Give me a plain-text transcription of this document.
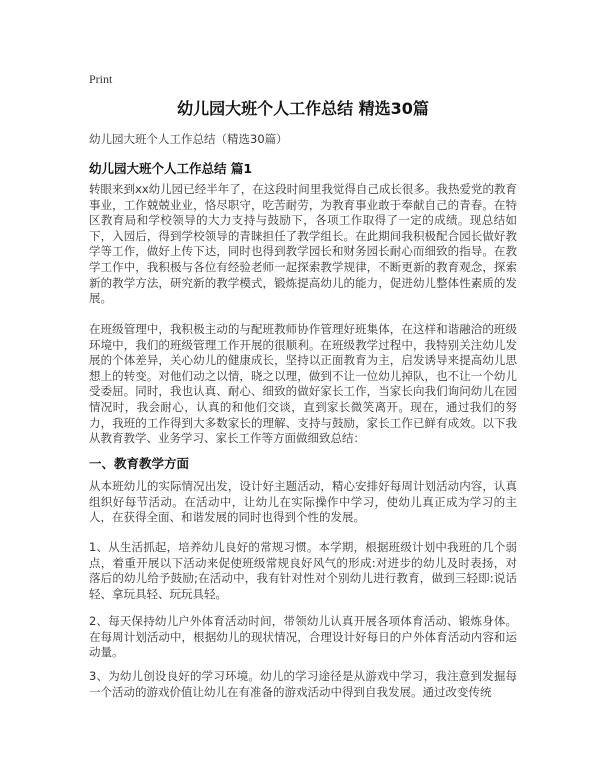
Print
幼儿园大班个人工作总结 精选30篇
幼儿园大班个人工作总结（精选30篇）
幼儿园大班个人工作总结 篇1

转眼来到xx幼儿园已经半年了，在这段时间里我觉得自己成长很多。我热爱党的教育事业，工作兢兢业业，恪尽职守，吃苦耐劳，为教育事业敢于奉献自己的青春。在特区教育局和学校领导的大力支持与鼓励下，各项工作取得了一定的成绩。现总结如下，入园后，得到学校领导的青睐担任了教学组长。在此期间我积极配合园长做好教学等工作，做好上传下达，同时也得到教学园长和财务园长耐心而细致的指导。在教学工作中，我积极与各位有经验老师一起探索教学规律，不断更新的教育观念，探索新的教学方法，研究新的教学模式，锻炼提高幼儿的能力，促进幼儿整体性素质的发展。

在班级管理中，我积极主动的与配班教师协作管理好班集体，在这样和谐融洽的班级环境中，我们的班级管理工作开展的很顺利。在班级教学过程中，我特别关注幼儿发展的个体差异，关心幼儿的健康成长，坚持以正面教育为主，启发诱导来提高幼儿思想上的转变。对他们动之以情，晓之以理，做到不让一位幼儿掉队，也不让一个幼儿受委屈。同时，我也认真、耐心、细致的做好家长工作，当家长向我们询问幼儿在园情况时，我会耐心，认真的和他们交谈，直到家长微笑离开。现在，通过我们的努力，我班的工作得到大多数家长的理解、支持与鼓励，家长工作已鲜有成效。以下我从教育教学、业务学习、家长工作等方面做细致总结：

一、教育教学方面

从本班幼儿的实际情况出发，设计好主题活动，精心安排好每周计划活动内容，认真组织好每节活动。在活动中，让幼儿在实际操作中学习，使幼儿真正成为学习的主人，在获得全面、和谐发展的同时也得到个性的发展。

1、从生活抓起，培养幼儿良好的常规习惯。本学期，根据班级计划中我班的几个弱点，着重开展以下活动来促使班级常规良好风气的形成:对进步的幼儿及时表扬，对落后的幼儿给予鼓励;在活动中，我有针对性对个别幼儿进行教育，做到三轻即:说话轻、拿玩具轻、玩玩具轻。

2、每天保持幼儿户外体育活动时间，带领幼儿认真开展各项体育活动、锻炼身体。在每周计划活动中，根据幼儿的现状情况，合理设计好每日的户外体育活动内容和运动量。

3、为幼儿创设良好的学习环境。幼儿的学习途径是从游戏中学习，我注意到发掘每一个活动的游戏价值让幼儿在有准备的游戏活动中得到自我发展。通过改变传统
